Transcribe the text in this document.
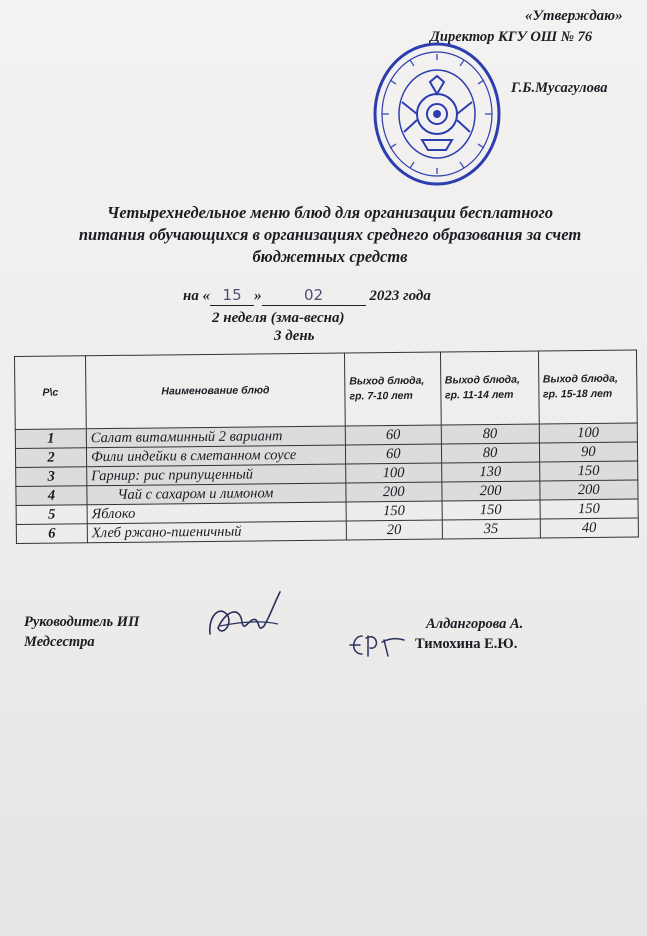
«Утверждаю»
Директор КГУ ОШ № 76
Г.Б.Мусагулова
Четырехнедельное меню блюд для организации бесплатного
питания обучающихся в организациях среднего образования за счет
бюджетных средств
на « 15 »	02	2023 года
2 неделя (зма-весна)
3 день
Р\с	Наименование блюд	Выход блюда, гр. 7-10 лет	Выход блюда, гр. 11-14 лет	Выход блюда, гр. 15-18 лет
1	Салат витаминный 2 вариант	60	80	100
2	Фили индейки в сметанном соусе	60	80	90
3	Гарнир: рис припущенный	100	130	150
4	Чай с сахаром и лимоном	200	200	200
5	Яблоко	150	150	150
6	Хлеб ржано-пшеничный	20	35	40
Руководитель ИП
Медсестра
Алдангорова А.
Тимохина Е.Ю.
